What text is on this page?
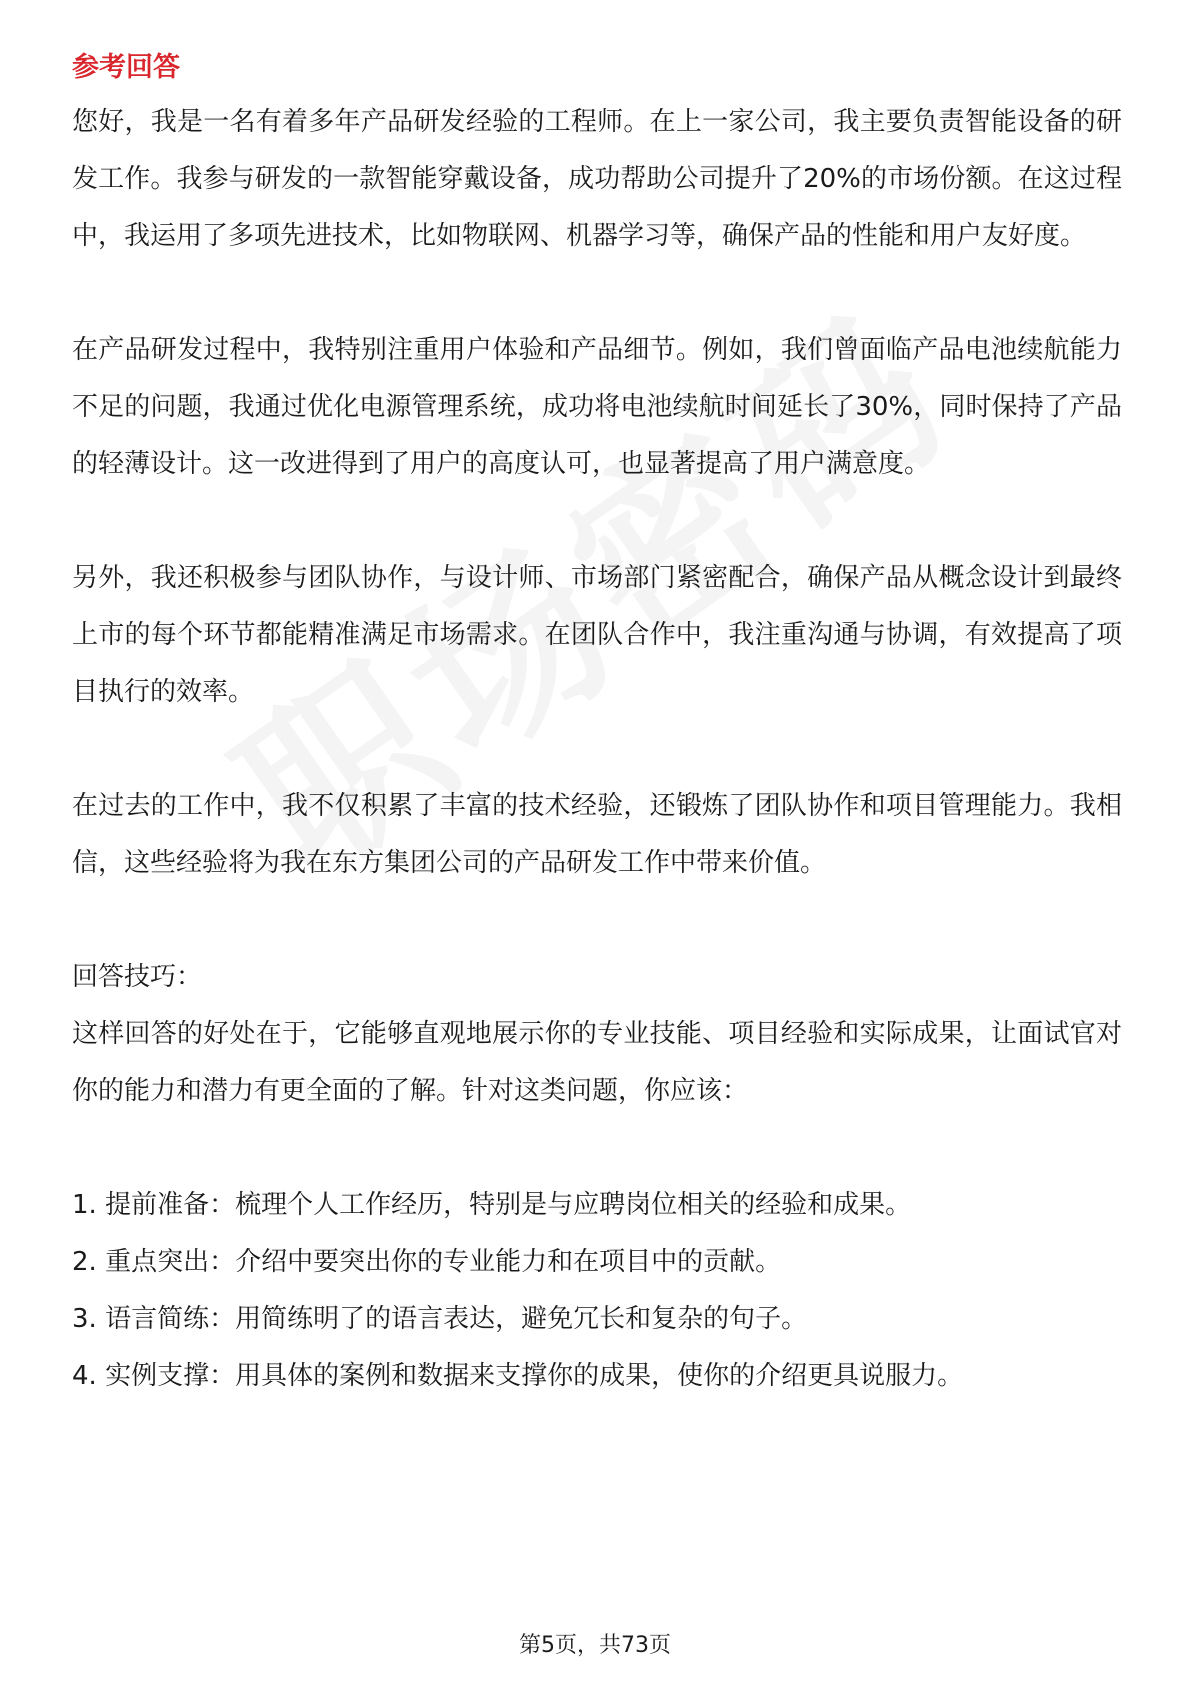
参考回答

您好，我是一名有着多年产品研发经验的工程师。在上一家公司，我主要负责智能设备的研发工作。我参与研发的一款智能穿戴设备，成功帮助公司提升了20%的市场份额。在这过程中，我运用了多项先进技术，比如物联网、机器学习等，确保产品的性能和用户友好度。

在产品研发过程中，我特别注重用户体验和产品细节。例如，我们曾面临产品电池续航能力不足的问题，我通过优化电源管理系统，成功将电池续航时间延长了30%，同时保持了产品的轻薄设计。这一改进得到了用户的高度认可，也显著提高了用户满意度。

另外，我还积极参与团队协作，与设计师、市场部门紧密配合，确保产品从概念设计到最终上市的每个环节都能精准满足市场需求。在团队合作中，我注重沟通与协调，有效提高了项目执行的效率。

在过去的工作中，我不仅积累了丰富的技术经验，还锻炼了团队协作和项目管理能力。我相信，这些经验将为我在东方集团公司的产品研发工作中带来价值。

回答技巧：

这样回答的好处在于，它能够直观地展示你的专业技能、项目经验和实际成果，让面试官对你的能力和潜力有更全面的了解。针对这类问题，你应该：

1. 提前准备：梳理个人工作经历，特别是与应聘岗位相关的经验和成果。
2. 重点突出：介绍中要突出你的专业能力和在项目中的贡献。
3. 语言简练：用简练明了的语言表达，避免冗长和复杂的句子。
4. 实例支撑：用具体的案例和数据来支撑你的成果，使你的介绍更具说服力。
第5页，共73页
